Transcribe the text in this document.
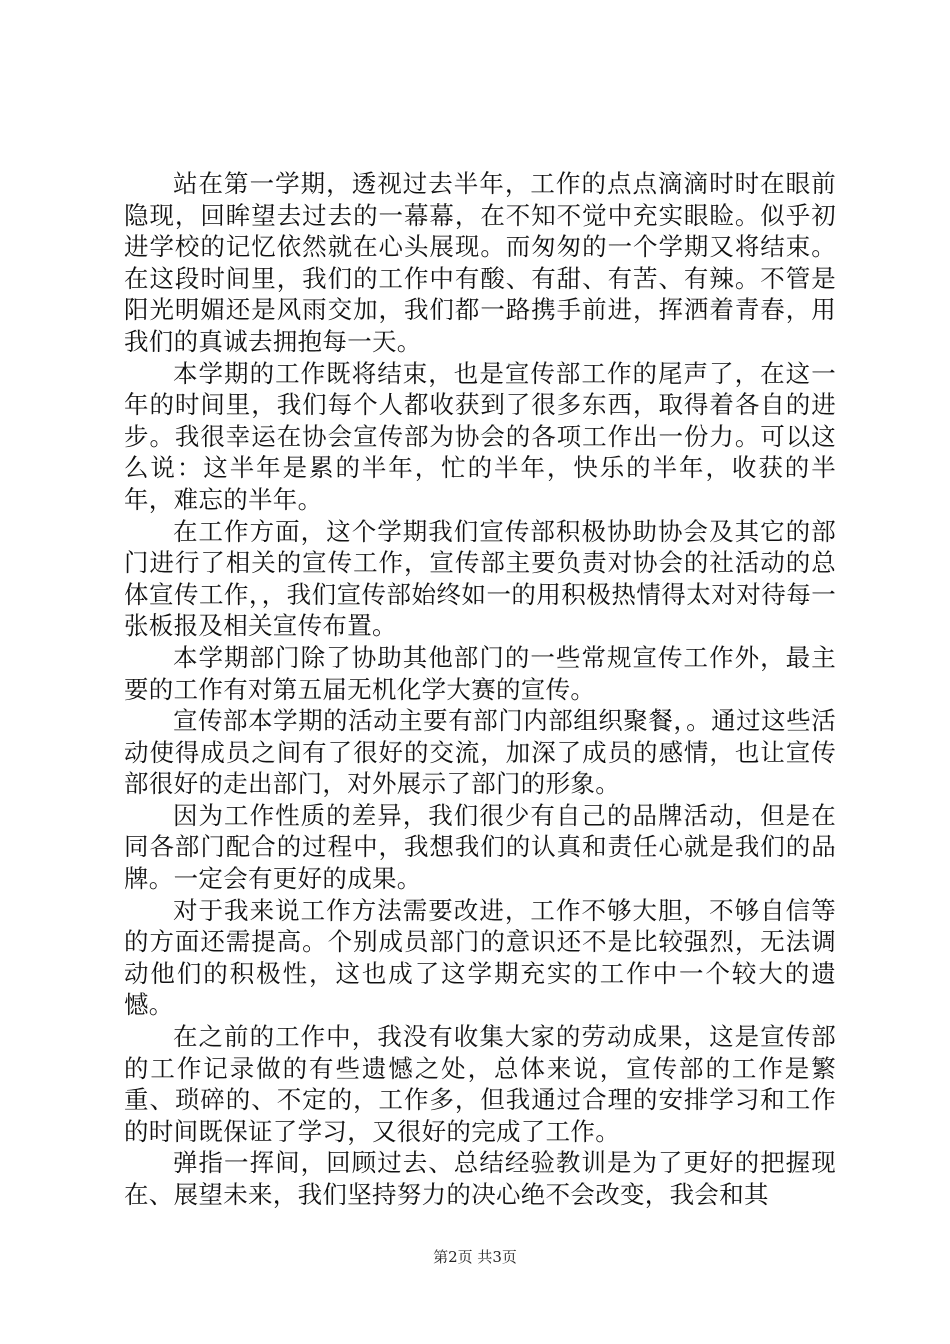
站在第一学期，透视过去半年，工作的点点滴滴时时在眼前隐现，回眸望去过去的一幕幕，在不知不觉中充实眼睑。似乎初进学校的记忆依然就在心头展现。而匆匆的一个学期又将结束。在这段时间里，我们的工作中有酸、有甜、有苦、有辣。不管是阳光明媚还是风雨交加，我们都一路携手前进，挥洒着青春，用我们的真诚去拥抱每一天。

本学期的工作既将结束，也是宣传部工作的尾声了，在这一年的时间里，我们每个人都收获到了很多东西，取得着各自的进步。我很幸运在协会宣传部为协会的各项工作出一份力。可以这么说：这半年是累的半年，忙的半年，快乐的半年，收获的半年，难忘的半年。

在工作方面，这个学期我们宣传部积极协助协会及其它的部门进行了相关的宣传工作，宣传部主要负责对协会的社活动的总体宣传工作，，我们宣传部始终如一的用积极热情得太对对待每一张板报及相关宣传布置。

本学期部门除了协助其他部门的一些常规宣传工作外，最主要的工作有对第五届无机化学大赛的宣传。

宣传部本学期的活动主要有部门内部组织聚餐，。通过这些活动使得成员之间有了很好的交流，加深了成员的感情，也让宣传部很好的走出部门，对外展示了部门的形象。

因为工作性质的差异，我们很少有自己的品牌活动，但是在同各部门配合的过程中，我想我们的认真和责任心就是我们的品牌。一定会有更好的成果。

对于我来说工作方法需要改进，工作不够大胆，不够自信等的方面还需提高。个别成员部门的意识还不是比较强烈，无法调动他们的积极性，这也成了这学期充实的工作中一个较大的遗憾。

在之前的工作中，我没有收集大家的劳动成果，这是宣传部的工作记录做的有些遗憾之处，总体来说，宣传部的工作是繁重、琐碎的、不定的，工作多，但我通过合理的安排学习和工作的时间既保证了学习，又很好的完成了工作。

弹指一挥间，回顾过去、总结经验教训是为了更好的把握现在、展望未来，我们坚持努力的决心绝不会改变，我会和其

第2页 共3页
